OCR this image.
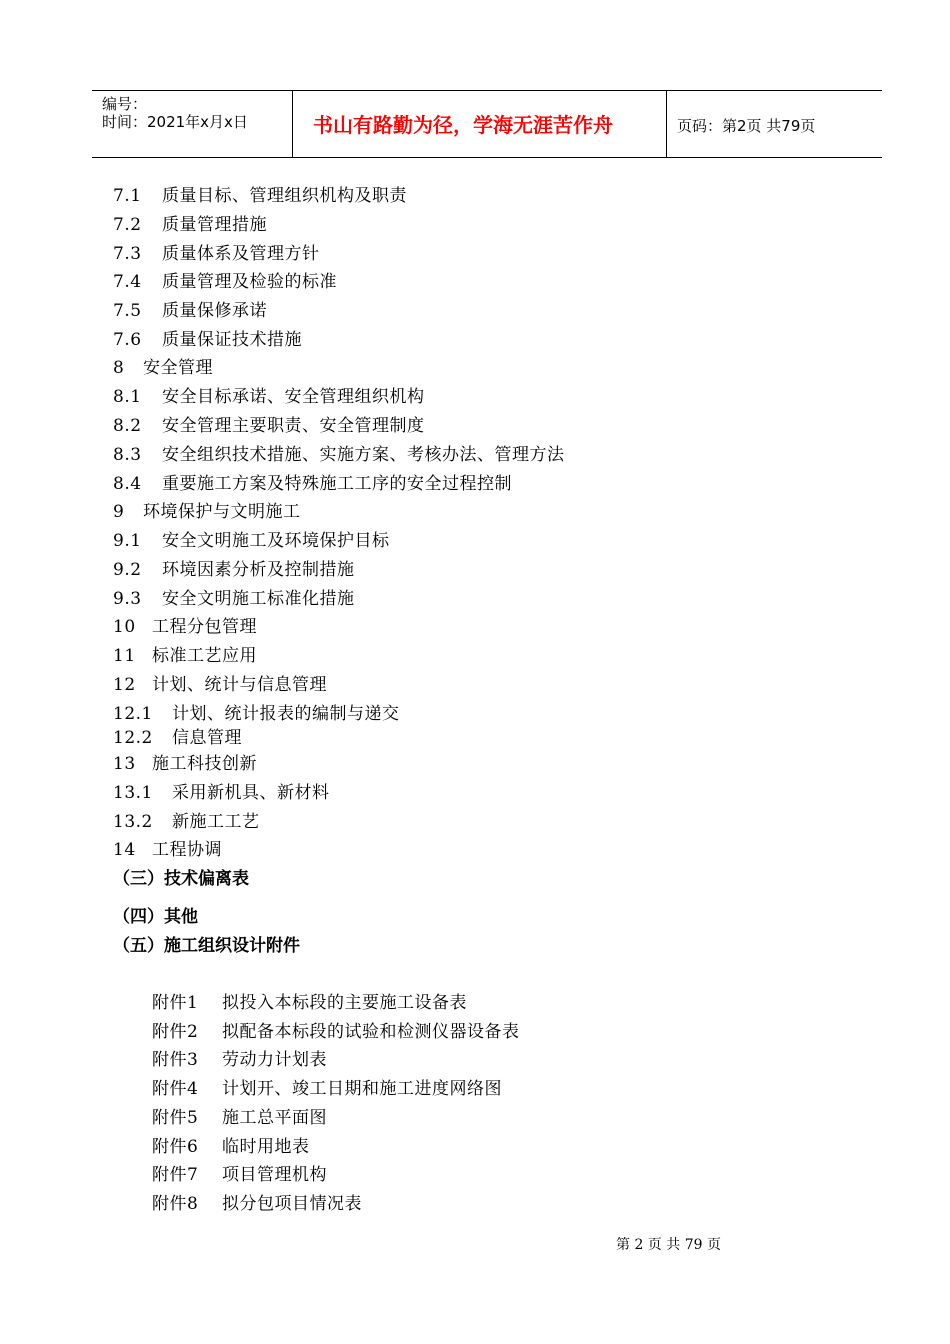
编号：
时间：2021年x月x日	书山有路勤为径，学海无涯苦作舟	页码：第2页 共79页
7.1 质量目标、管理组织机构及职责
7.2 质量管理措施
7.3 质量体系及管理方针
7.4 质量管理及检验的标准
7.5 质量保修承诺
7.6 质量保证技术措施
8 安全管理
8.1 安全目标承诺、安全管理组织机构
8.2 安全管理主要职责、安全管理制度
8.3 安全组织技术措施、实施方案、考核办法、管理方法
8.4 重要施工方案及特殊施工工序的安全过程控制
9 环境保护与文明施工
9.1 安全文明施工及环境保护目标
9.2 环境因素分析及控制措施
9.3 安全文明施工标准化措施
10 工程分包管理
11 标准工艺应用
12 计划、统计与信息管理
12.1 计划、统计报表的编制与递交
12.2 信息管理
13 施工科技创新
13.1 采用新机具、新材料
13.2 新施工工艺
14 工程协调
（三）技术偏离表
（四）其他
（五）施工组织设计附件
附件1 拟投入本标段的主要施工设备表
附件2 拟配备本标段的试验和检测仪器设备表
附件3 劳动力计划表
附件4 计划开、竣工日期和施工进度网络图
附件5 施工总平面图
附件6 临时用地表
附件7 项目管理机构
附件8 拟分包项目情况表
第 2 页 共 79 页
